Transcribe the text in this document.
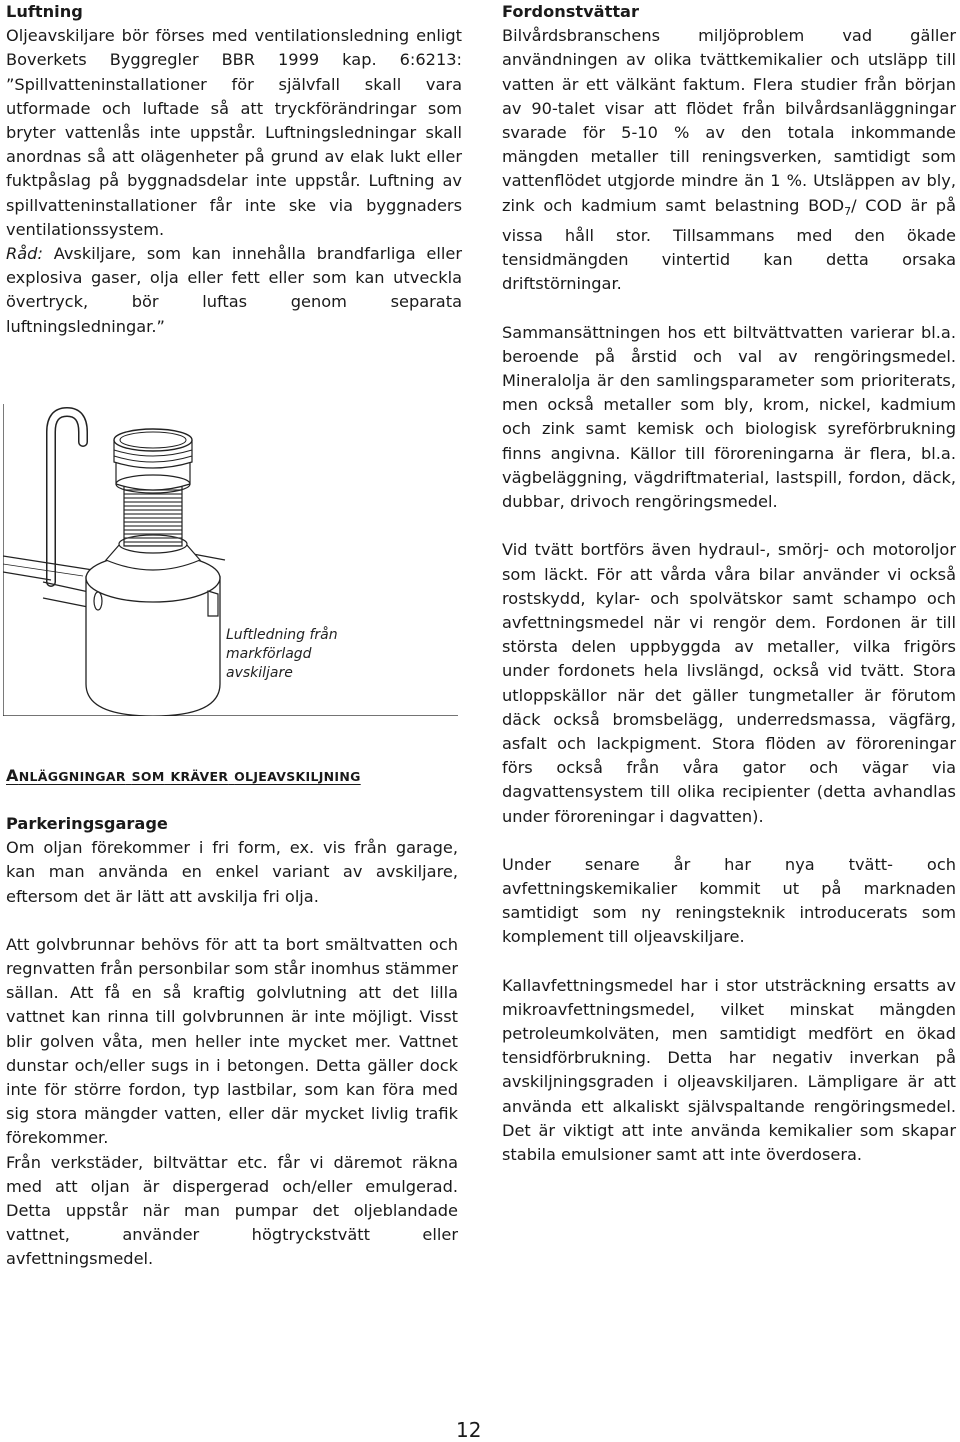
Luftning

Oljeavskiljare bör förses med ventilationsledning enligt Boverkets Byggregler BBR 1999 kap. 6:6213: ”Spillvatteninstallationer för självfall skall vara utformade och luftade så att tryckförändringar som bryter vattenlås inte uppstår. Luftningsledningar skall anordnas så att olägenheter på grund av elak lukt eller fuktpåslag på byggnadsdelar inte uppstår. Luftning av spillvatteninstallationer får inte ske via byggnaders ventilationssystem.

Råd: Avskiljare, som kan innehålla brandfarliga eller explosiva gaser, olja eller fett eller som kan utveckla övertryck, bör luftas genom separata luftningsledningar.”

Luftledning från markförlagd avskiljare
ANLÄGGNINGAR SOM KRÄVER OLJEAVSKILJNING

Parkeringsgarage

Om oljan förekommer i fri form, ex. vis från garage, kan man använda en enkel variant av avskiljare, eftersom det är lätt att avskilja fri olja.

Att golvbrunnar behövs för att ta bort smältvatten och regnvatten från personbilar som står inomhus stämmer sällan. Att få en så kraftig golvlutning att det lilla vattnet kan rinna till golvbrunnen är inte möjligt. Visst blir golven våta, men heller inte mycket mer. Vattnet dunstar och/eller sugs in i betongen. Detta gäller dock inte för större fordon, typ lastbilar, som kan föra med sig stora mängder vatten, eller där mycket livlig trafik förekommer.

Från verkstäder, biltvättar etc. får vi däremot räkna med att oljan är dispergerad och/eller emulgerad. Detta uppstår när man pumpar det oljeblandade vattnet, använder högtryckstvätt eller avfettningsmedel.

Fordonstvättar

Bilvårdsbranschens miljöproblem vad gäller användningen av olika tvättkemikalier och utsläpp till vatten är ett välkänt faktum. Flera studier från början av 90-talet visar att flödet från bilvårdsanläggningar svarade för 5-10 % av den totala inkommande mängden metaller till reningsverken, samtidigt som vattenflödet utgjorde mindre än 1 %. Utsläppen av bly, zink och kadmium samt belastning $BOD_7/$ COD är på vissa håll stor. Tillsammans med den ökade tensidmängden vintertid kan detta orsaka driftstörningar.

Sammansättningen hos ett biltvättvatten varierar bl.a. beroende på årstid och val av rengöringsmedel. Mineralolja är den samlingsparameter som prioriterats, men också metaller som bly, krom, nickel, kadmium och zink samt kemisk och biologisk syreförbrukning finns angivna. Källor till föroreningarna är flera, bl.a. vägbeläggning, vägdriftmaterial, lastspill, fordon, däck, dubbar, drivoch rengöringsmedel.

Vid tvätt bortförs även hydraul-, smörj- och motoroljor som läckt. För att vårda våra bilar använder vi också rostskydd, kylar- och spolvätskor samt schampo och avfettningsmedel när vi rengör dem. Fordonen är till största delen uppbyggda av metaller, vilka frigörs under fordonets hela livslängd, också vid tvätt. Stora utloppskällor när det gäller tungmetaller är förutom däck också bromsbelägg, underredsmassa, vägfärg, asfalt och lackpigment. Stora flöden av föroreningar förs också från våra gator och vägar via dagvattensystem till olika recipienter (detta avhandlas under föroreningar i dagvatten).

Under senare år har nya tvätt- och avfettningskemikalier kommit ut på marknaden samtidigt som ny reningsteknik introducerats som komplement till oljeavskiljare.

Kallavfettningsmedel har i stor utsträckning ersatts av mikroavfettningsmedel, vilket minskat mängden petroleumkolväten, men samtidigt medfört en ökad tensidförbrukning. Detta har negativ inverkan på avskiljningsgraden i oljeavskiljaren. Lämpligare är att använda ett alkaliskt självspaltande rengöringsmedel. Det är viktigt att inte använda kemikalier som skapar stabila emulsioner samt att inte överdosera.

12
